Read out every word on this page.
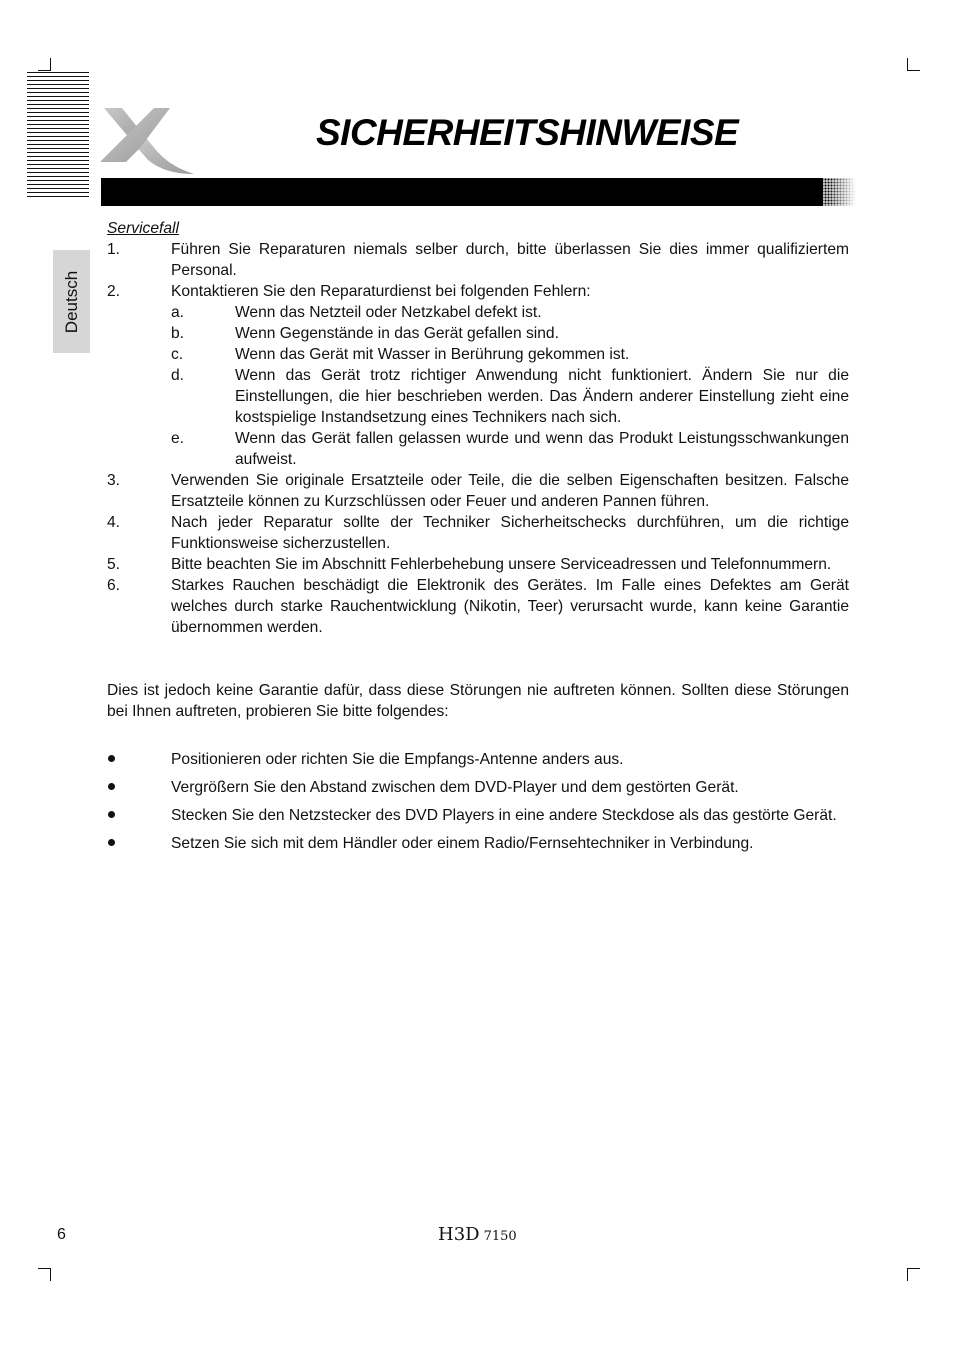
SICHERHEITSHINWEISE
Deutsch
Servicefall
1.	Führen Sie Reparaturen niemals selber durch, bitte überlassen Sie dies immer qualifiziertem Personal.
2.	Kontaktieren Sie den Reparaturdienst bei folgenden Fehlern:
a.	Wenn das Netzteil oder Netzkabel defekt ist.
b.	Wenn Gegenstände in das Gerät gefallen sind.
c.	Wenn das Gerät mit Wasser in Berührung gekommen ist.
d.	Wenn das Gerät trotz richtiger Anwendung nicht funktioniert. Ändern Sie nur die Einstellungen, die hier beschrieben werden. Das Ändern anderer Einstellung zieht eine kostspielige Instandsetzung eines Technikers nach sich.
e.	Wenn das Gerät fallen gelassen wurde und wenn das Produkt Leistungsschwankungen aufweist.
3.	Verwenden Sie originale Ersatzteile oder Teile, die die selben Eigenschaften besitzen. Falsche Ersatzteile können zu Kurzschlüssen oder Feuer und anderen Pannen führen.
4.	Nach jeder Reparatur sollte der Techniker Sicherheitschecks durchführen, um die richtige Funktionsweise sicherzustellen.
5.	Bitte beachten Sie im Abschnitt Fehlerbehebung unsere Serviceadressen und Telefonnummern.
6.	Starkes Rauchen beschädigt die Elektronik des Gerätes. Im Falle eines Defektes am Gerät welches durch starke Rauchentwicklung (Nikotin, Teer) verursacht wurde, kann keine Garantie übernommen werden.
Dies ist jedoch keine Garantie dafür, dass diese Störungen nie auftreten können. Sollten diese Störungen bei Ihnen auftreten, probieren Sie bitte folgendes:
Positionieren oder richten Sie die Empfangs-Antenne anders aus.
Vergrößern Sie den Abstand zwischen dem DVD-Player und dem gestörten Gerät.
Stecken Sie den Netzstecker des DVD Players in eine andere Steckdose als das gestörte Gerät.
Setzen Sie sich mit dem Händler oder einem Radio/Fernsehtechniker in Verbindung.
6	H3D 7150
